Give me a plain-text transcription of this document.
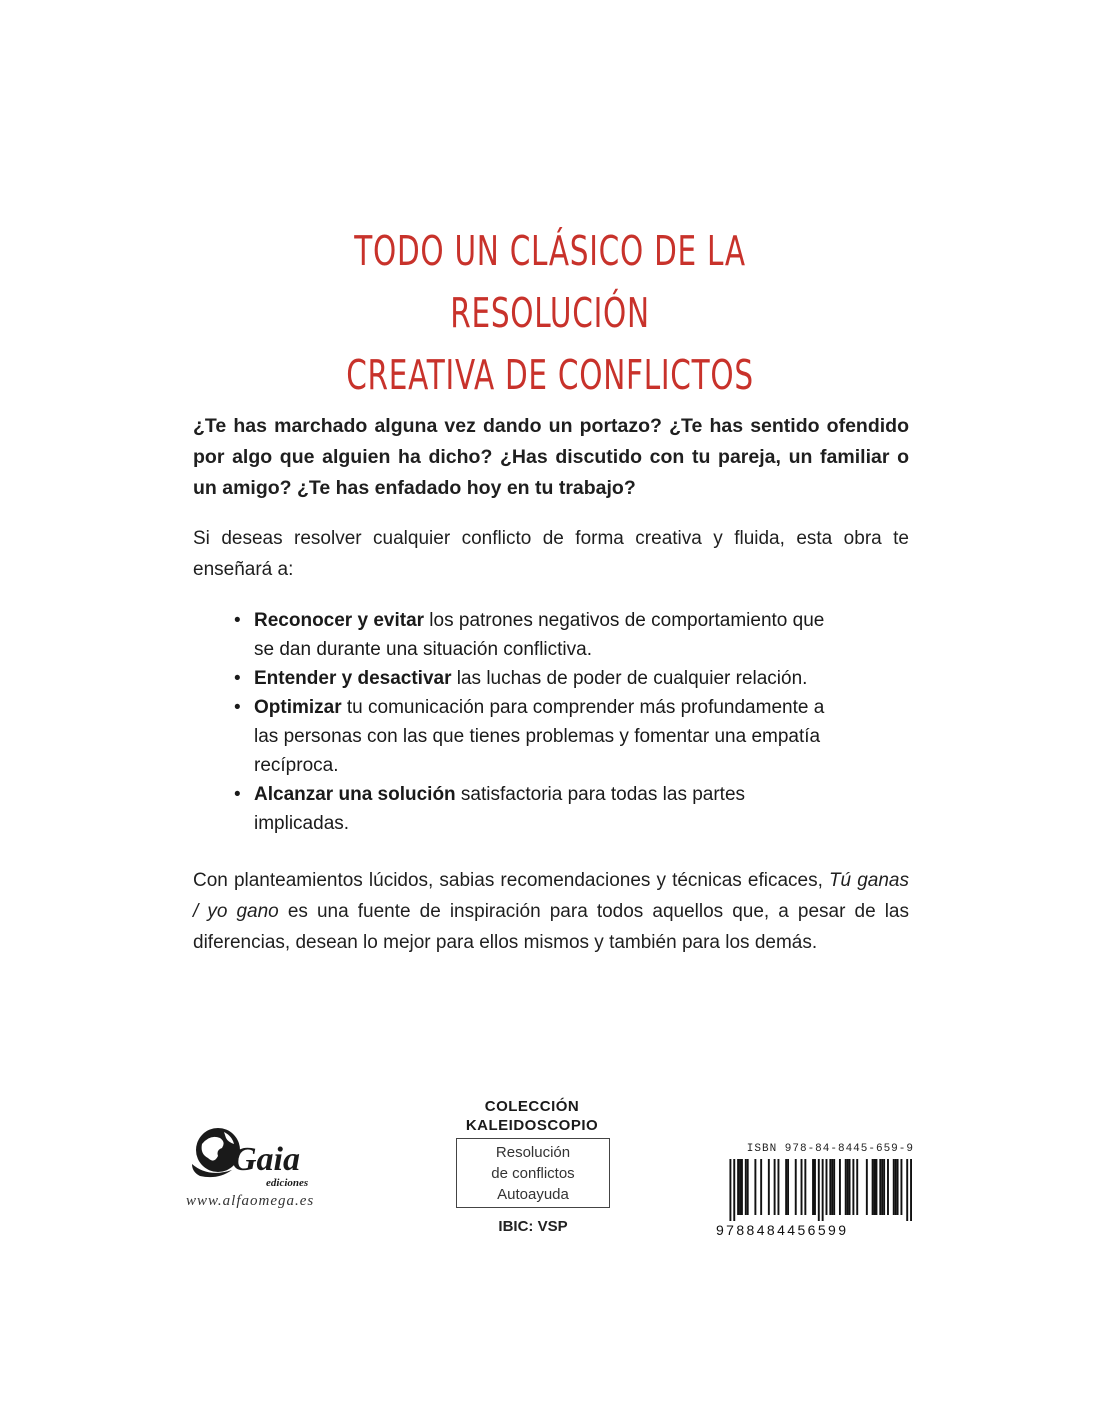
TODO UN CLÁSICO DE LA RESOLUCIÓN
CREATIVA DE CONFLICTOS
¿Te has marchado alguna vez dando un portazo? ¿Te has sentido ofendido por algo que alguien ha dicho? ¿Has discutido con tu pareja, un familiar o un amigo? ¿Te has enfadado hoy en tu trabajo?
Si deseas resolver cualquier conflicto de forma creativa y fluida, esta obra te enseñará a:
• Reconocer y evitar los patrones negativos de comportamiento que se dan durante una situación conflictiva.
• Entender y desactivar las luchas de poder de cualquier relación.
• Optimizar tu comunicación para comprender más profundamente a las personas con las que tienes problemas y fomentar una empatía recíproca.
• Alcanzar una solución satisfactoria para todas las partes implicadas.
Con planteamientos lúcidos, sabias recomendaciones y técnicas eficaces, Tú ganas / yo gano es una fuente de inspiración para todos aquellos que, a pesar de las diferencias, desean lo mejor para ellos mismos y también para los demás.
Gaia
ediciones
www.alfaomega.es
COLECCIÓN
KALEIDOSCOPIO
Resolución
de conflictos
Autoayuda
IBIC: VSP
ISBN 978-84-8445-659-9
9788484456599
